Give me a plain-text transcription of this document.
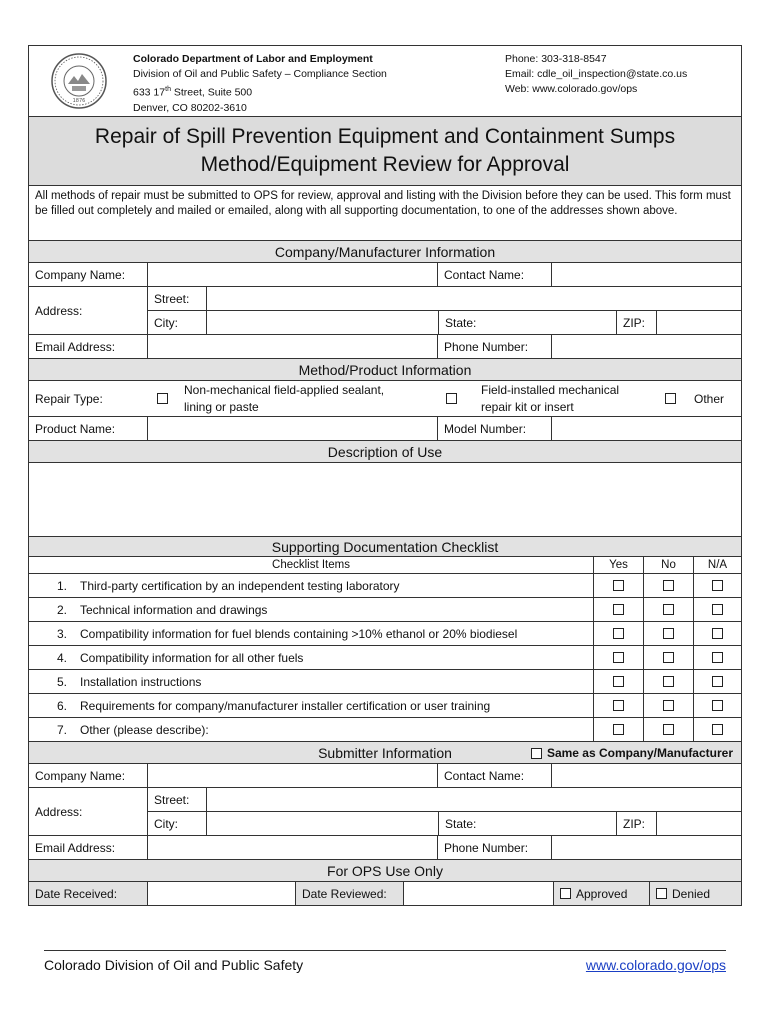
1876
Colorado Department of Labor and Employment
Division of Oil and Public Safety – Compliance Section
633 17th Street, Suite 500
Denver, CO 80202-3610
Phone: 303-318-8547
Email: cdle_oil_inspection@state.co.us
Web: www.colorado.gov/ops
Repair of Spill Prevention Equipment and Containment Sumps
Method/Equipment Review for Approval
All methods of repair must be submitted to OPS for review, approval and listing with the Division before they can be used. This form must be filled out completely and mailed or emailed, along with all supporting documentation, to one of the addresses shown above.
Company/Manufacturer Information
Company Name:	Contact Name:
Address:
Street:
City:	State:	ZIP:
Email Address:	Phone Number:
Method/Product Information
Repair Type:
Non-mechanical field-applied sealant,
lining or paste
Field-installed mechanical
repair kit or insert
Other
Product Name:	Model Number:
Description of Use
Supporting Documentation Checklist
Checklist Items	Yes	No	N/A
1.	Third-party certification by an independent testing laboratory
2.	Technical information and drawings
3.	Compatibility information for fuel blends containing >10% ethanol or 20% biodiesel
4.	Compatibility information for all other fuels
5.	Installation instructions
6.	Requirements for company/manufacturer installer certification or user training
7.	Other (please describe):
Submitter Information	Same as Company/Manufacturer
Company Name:	Contact Name:
Address:
Street:
City:	State:	ZIP:
Email Address:	Phone Number:
For OPS Use Only
Date Received:	Date Reviewed:	Approved	Denied
Colorado Division of Oil and Public Safety	www.colorado.gov/ops
